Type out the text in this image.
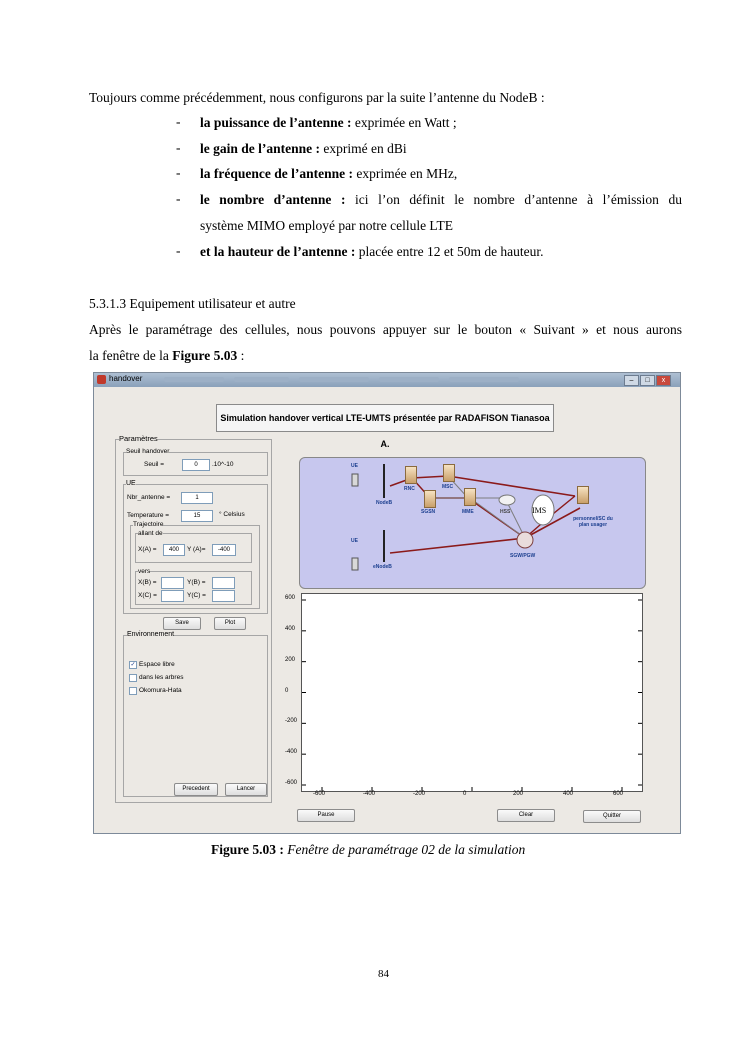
Toujours comme précédemment, nous configurons par la suite l’antenne du NodeB :
- la puissance de l’antenne : exprimée en Watt ;
- le gain de l’antenne : exprimé en dBi
- la fréquence de l’antenne : exprimée en MHz,
- le nombre d’antenne : ici l’on définit le nombre d’antenne à l’émission du
système MIMO employé par notre cellule LTE
- et la hauteur de l’antenne : placée entre 12 et 50m de hauteur.
5.3.1.3 Equipement utilisateur et autre
Après le paramétrage des cellules, nous pouvons appuyer sur le bouton « Suivant » et nous aurons
la fenêtre de la Figure 5.03 :
handover	–	□	x
Simulation handover vertical LTE-UMTS présentée par RADAFISON Tianasoa A.
Paramètres
Seuil handover
Seuil =	0	.10^-10
UE
Nbr_antenne =	1
Temperature =	15	° Celsius
Trajectoire
allant de
X(A) =	400	Y (A)=	-400
vers
X(B) =	Y(B) =
X(C) =	Y(C) =
Save	Plot
Environnement
✓ Espace libre
dans les arbres
Okomura-Hata
Precedent	Lancer
UE
NodeB
RNC	MSC
SGSN	MME	HSS	IMS
UE
eNodeB
SGW/PGW
personnel/SC du plan usager
Pause	Clear	Quitter
600
400
200
0
-200
-400
-600
-600	-400	-200	0	200	400	600
Figure 5.03 : Fenêtre de paramétrage 02 de la simulation
84
